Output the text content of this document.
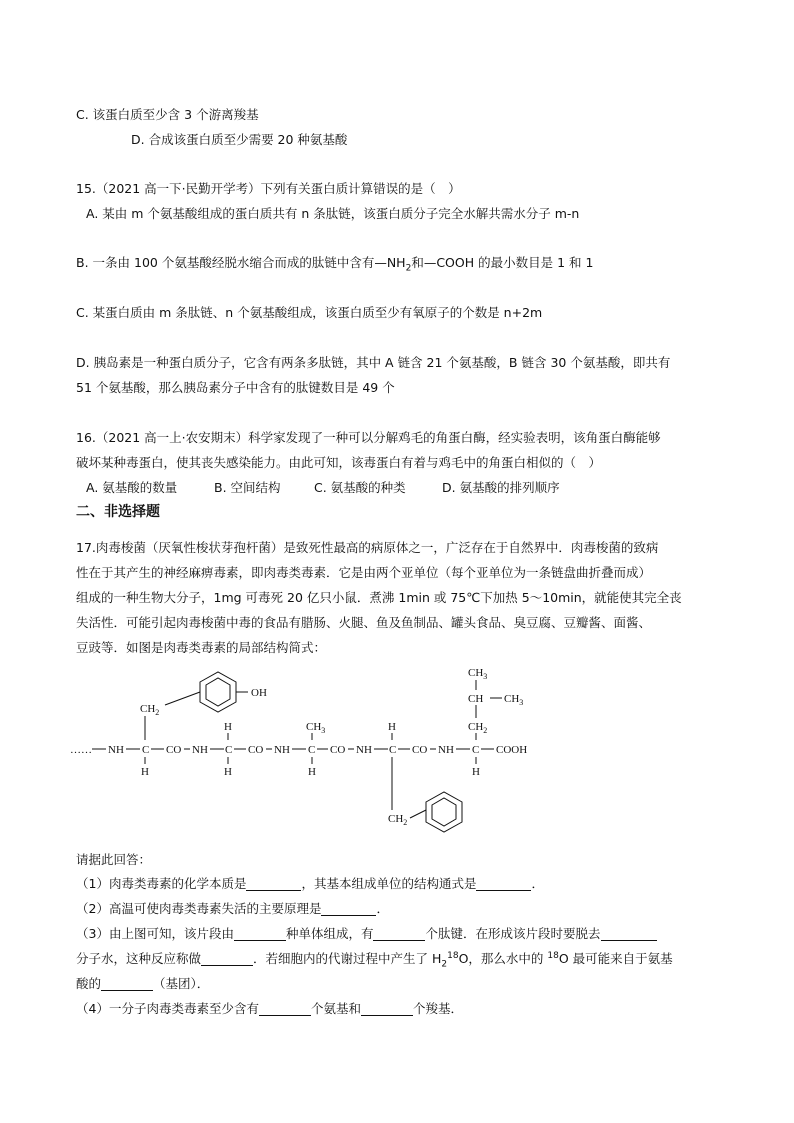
C. 该蛋白质至少含 3 个游离羧基
D. 合成该蛋白质至少需要 20 种氨基酸
15.（2021 高一下·民勤开学考）下列有关蛋白质计算错误的是（　）
A. 某由 m 个氨基酸组成的蛋白质共有 n 条肽链，该蛋白质分子完全水解共需水分子 m-n
B. 一条由 100 个氨基酸经脱水缩合而成的肽链中含有$—NH_2$和—COOH 的最小数目是 1 和 1
C. 某蛋白质由 m 条肽链、n 个氨基酸组成，该蛋白质至少有氧原子的个数是 n+2m
D. 胰岛素是一种蛋白质分子，它含有两条多肽链，其中 A 链含 21 个氨基酸，B 链含 30 个氨基酸，即共有
51 个氨基酸，那么胰岛素分子中含有的肽键数目是 49 个
16.（2021 高一上·农安期末）科学家发现了一种可以分解鸡毛的角蛋白酶，经实验表明，该角蛋白酶能够
破坏某种毒蛋白，使其丧失感染能力。由此可知，该毒蛋白有着与鸡毛中的角蛋白相似的（　）
A. 氨基酸的数量	B. 空间结构	C. 氨基酸的种类	D. 氨基酸的排列顺序
二、非选择题
17.肉毒梭菌（厌氧性梭状芽孢杆菌）是致死性最高的病原体之一，广泛存在于自然界中．肉毒梭菌的致病
性在于其产生的神经麻痹毒素，即肉毒类毒素．它是由两个亚单位（每个亚单位为一条链盘曲折叠而成）
组成的一种生物大分子，1mg 可毒死 20 亿只小鼠．煮沸 1min 或 75℃下加热 5～10min，就能使其完全丧
失活性．可能引起肉毒梭菌中毒的食品有腊肠、火腿、鱼及鱼制品、罐头食品、臭豆腐、豆瓣酱、面酱、
豆豉等．如图是肉毒类毒素的局部结构简式：
$CH_2$
OH
$CH_3$
CH $CH_3$
$CH_2$
H	$CH_3$	H
…… NH C CO NH C CO NH C CO NH C CO NH C COOH
H	H	H	H
$CH_2$
请据此回答：
（1）肉毒类毒素的化学本质是	，其基本组成单位的结构通式是	．
（2）高温可使肉毒类毒素失活的主要原理是	．
（3）由上图可知，该片段由	种单体组成，有	个肽键．在形成该片段时要脱去
分子水，这种反应称做	．若细胞内的代谢过程中产生了 $H_2^{18}O$，那么水中的 $^{18}$O 最可能来自于氨基
酸的	（基团）．
（4）一分子肉毒类毒素至少含有	个氨基和	个羧基．
